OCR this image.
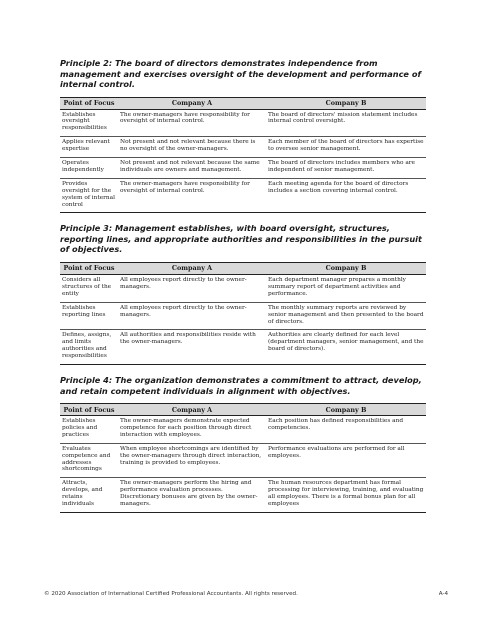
Principle 2: The board of directors demonstrates independence from management and exercises oversight of the development and performance of internal control.
Point of Focus	Company A	Company B
Establishes oversight responsibilities	The owner-managers have responsibility for oversight of internal control.	The board of directors' mission statement includes internal control oversight.
Applies relevant expertise	Not present and not relevant because there is no oversight of the owner-managers.	Each member of the board of directors has expertise to oversee senior management.
Operates independently	Not present and not relevant because the same individuals are owners and management.	The board of directors includes members who are independent of senior management.
Provides oversight for the system of internal control	The owner-managers have responsibility for oversight of internal control.	Each meeting agenda for the board of directors includes a section covering internal control.
Principle 3: Management establishes, with board oversight, structures, reporting lines, and appropriate authorities and responsibilities in the pursuit of objectives.
Point of Focus	Company A	Company B
Considers all structures of the entity	All employees report directly to the owner-managers.	Each department manager prepares a monthly summary report of department activities and performance.
Establishes reporting lines	All employees report directly to the owner-managers.	The monthly summary reports are reviewed by senior management and then presented to the board of directors.
Defines, assigns, and limits authorities and responsibilities	All authorities and responsibilities reside with the owner-managers.	Authorities are clearly defined for each level (department managers, senior management, and the board of directors).
Principle 4: The organization demonstrates a commitment to attract, develop, and retain competent individuals in alignment with objectives.
Point of Focus	Company A	Company B
Establishes policies and practices	The owner-managers demonstrate expected competence for each position through direct interaction with employees.	Each position has defined responsibilities and competencies.
Evaluates competence and addresses shortcomings	When employee shortcomings are identified by the owner-managers through direct interaction, training is provided to employees.	Performance evaluations are performed for all employees.
Attracts, develops, and retains individuals	The owner-managers perform the hiring and performance evaluation processes. Discretionary bonuses are given by the owner-managers.	The human resources department has formal processing for interviewing, training, and evaluating all employees. There is a formal bonus plan for all employees
© 2020 Association of International Certified Professional Accountants. All rights reserved.	A-4
